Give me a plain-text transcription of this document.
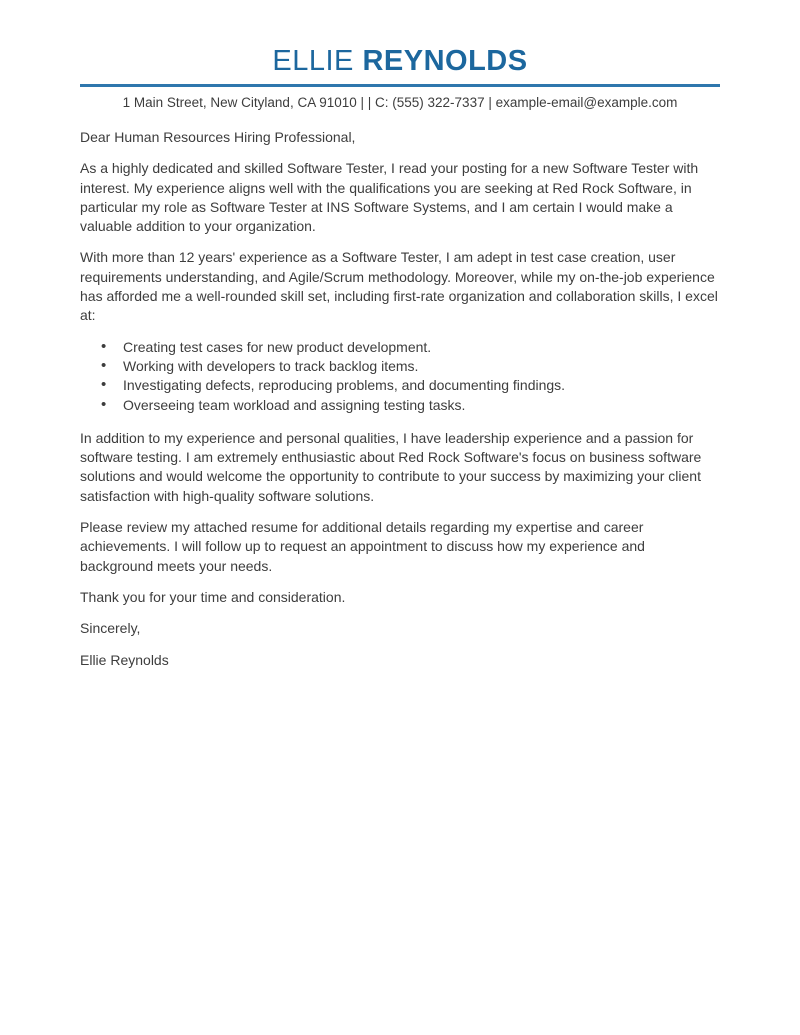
ELLIE REYNOLDS
1 Main Street, New Cityland, CA 91010 | | C: (555) 322-7337 | example-email@example.com

Dear Human Resources Hiring Professional,

As a highly dedicated and skilled Software Tester, I read your posting for a new Software Tester with interest. My experience aligns well with the qualifications you are seeking at Red Rock Software, in particular my role as Software Tester at INS Software Systems, and I am certain I would make a valuable addition to your organization.

With more than 12 years' experience as a Software Tester, I am adept in test case creation, user requirements understanding, and Agile/Scrum methodology. Moreover, while my on-the-job experience has afforded me a well-rounded skill set, including first-rate organization and collaboration skills, I excel at:

• Creating test cases for new product development.
• Working with developers to track backlog items.
• Investigating defects, reproducing problems, and documenting findings.
• Overseeing team workload and assigning testing tasks.

In addition to my experience and personal qualities, I have leadership experience and a passion for software testing. I am extremely enthusiastic about Red Rock Software's focus on business software solutions and would welcome the opportunity to contribute to your success by maximizing your client satisfaction with high-quality software solutions.

Please review my attached resume for additional details regarding my expertise and career achievements. I will follow up to request an appointment to discuss how my experience and background meets your needs.

Thank you for your time and consideration.

Sincerely,

Ellie Reynolds
